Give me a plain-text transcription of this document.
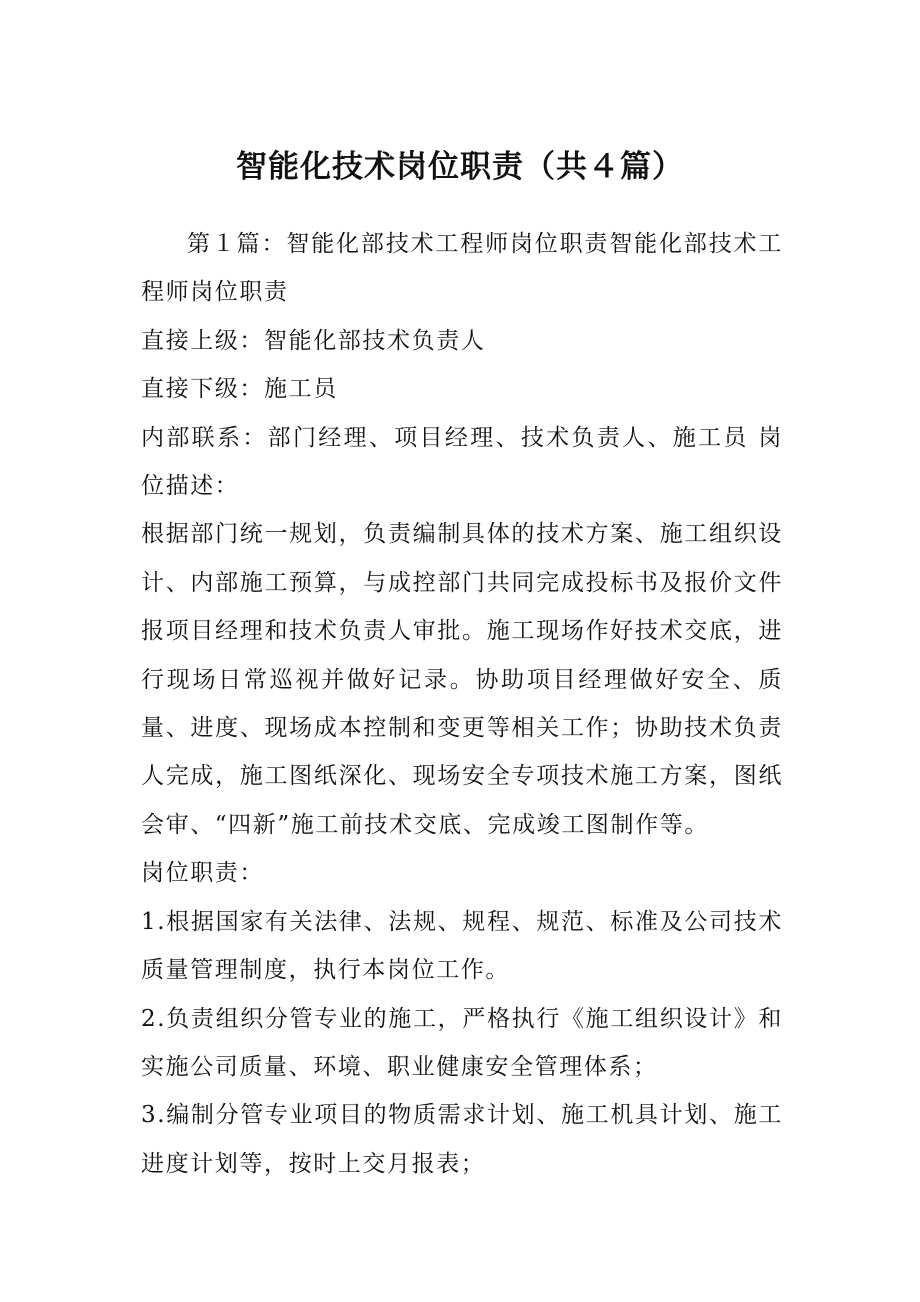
智能化技术岗位职责（共４篇）

第１篇：智能化部技术工程师岗位职责智能化部技术工程师岗位职责

直接上级：智能化部技术负责人

直接下级：施工员

内部联系：部门经理、项目经理、技术负责人、施工员 岗位描述：

根据部门统一规划，负责编制具体的技术方案、施工组织设计、内部施工预算，与成控部门共同完成投标书及报价文件报项目经理和技术负责人审批。施工现场作好技术交底，进行现场日常巡视并做好记录。协助项目经理做好安全、质量、进度、现场成本控制和变更等相关工作；协助技术负责人完成，施工图纸深化、现场安全专项技术施工方案，图纸会审、“四新”施工前技术交底、完成竣工图制作等。

岗位职责：

1.根据国家有关法律、法规、规程、规范、标准及公司技术质量管理制度，执行本岗位工作。

2.负责组织分管专业的施工，严格执行《施工组织设计》和实施公司质量、环境、职业健康安全管理体系；

3.编制分管专业项目的物质需求计划、施工机具计划、施工进度计划等，按时上交月报表；
